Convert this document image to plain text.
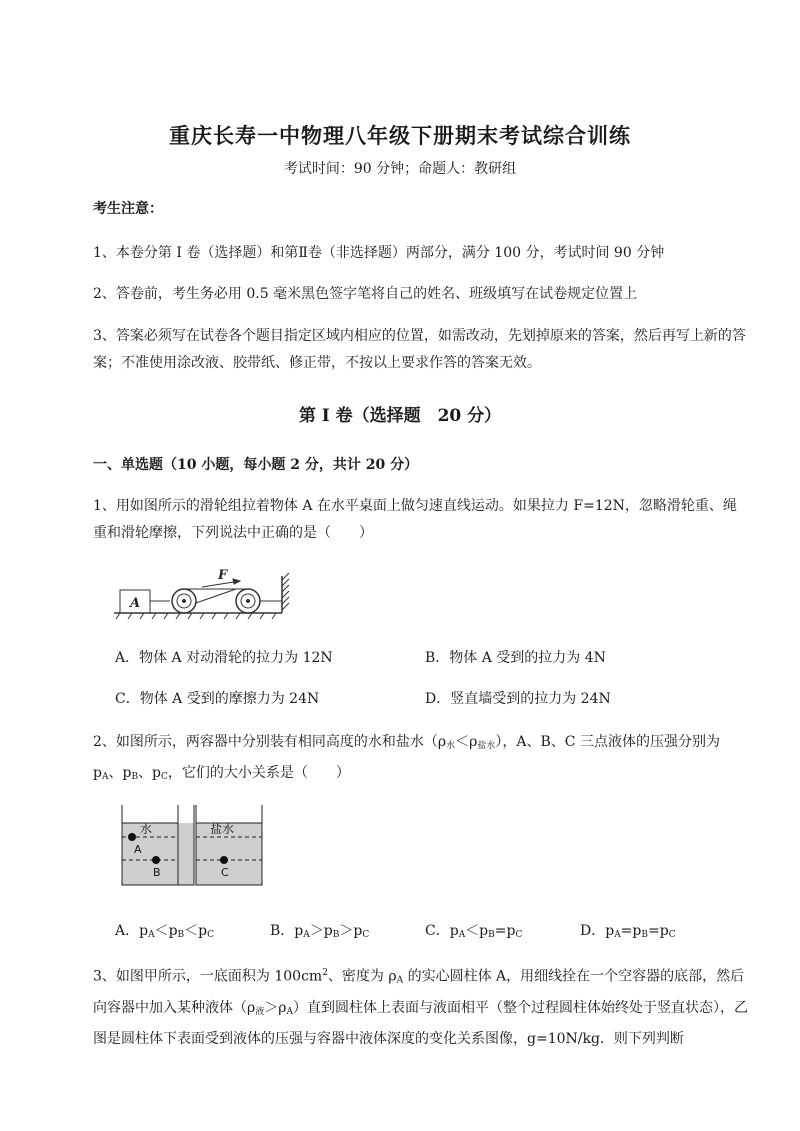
重庆长寿一中物理八年级下册期末考试综合训练
考试时间：90 分钟；命题人：教研组
考生注意：
1、本卷分第 I 卷（选择题）和第Ⅱ卷（非选择题）两部分，满分 100 分，考试时间 90 分钟
2、答卷前，考生务必用 0.5 毫米黑色签字笔将自己的姓名、班级填写在试卷规定位置上
3、答案必须写在试卷各个题目指定区域内相应的位置，如需改动，先划掉原来的答案，然后再写上新的答案；不准使用涂改液、胶带纸、修正带，不按以上要求作答的答案无效。
第 I 卷（选择题　20 分）
一、单选题（10 小题，每小题 2 分，共计 20 分）
1、用如图所示的滑轮组拉着物体 A 在水平桌面上做匀速直线运动。如果拉力 F=12N，忽略滑轮重、绳重和滑轮摩擦，下列说法中正确的是（　　）
A
F
A．物体 A 对动滑轮的拉力为 12N	B．物体 A 受到的拉力为 4N
C．物体 A 受到的摩擦力为 24N	D．竖直墙受到的拉力为 24N
2、如图所示，两容器中分别装有相同高度的水和盐水$(\rho_水<\rho_{盐水})$，A、B、C 三点液体的压强分别为 $p_A$、$p_B$、$p_C$，它们的大小关系是（　　）
水	盐水
A
B	C
A．$p_A<p_B<p_C$	B．$p_A>p_B>p_C$	C．$p_A<p_B=p_C$	D．$p_A=p_B=p_C$
3、如图甲所示，一底面积为 $100cm^2$、密度为 $\rho_A$ 的实心圆柱体 A，用细线拴在一个空容器的底部，然后向容器中加入某种液体$(\rho_液>\rho_A)$直到圆柱体上表面与液面相平（整个过程圆柱体始终处于竖直状态），乙图是圆柱体下表面受到液体的压强与容器中液体深度的变化关系图像，g=10N/kg．则下列判断
